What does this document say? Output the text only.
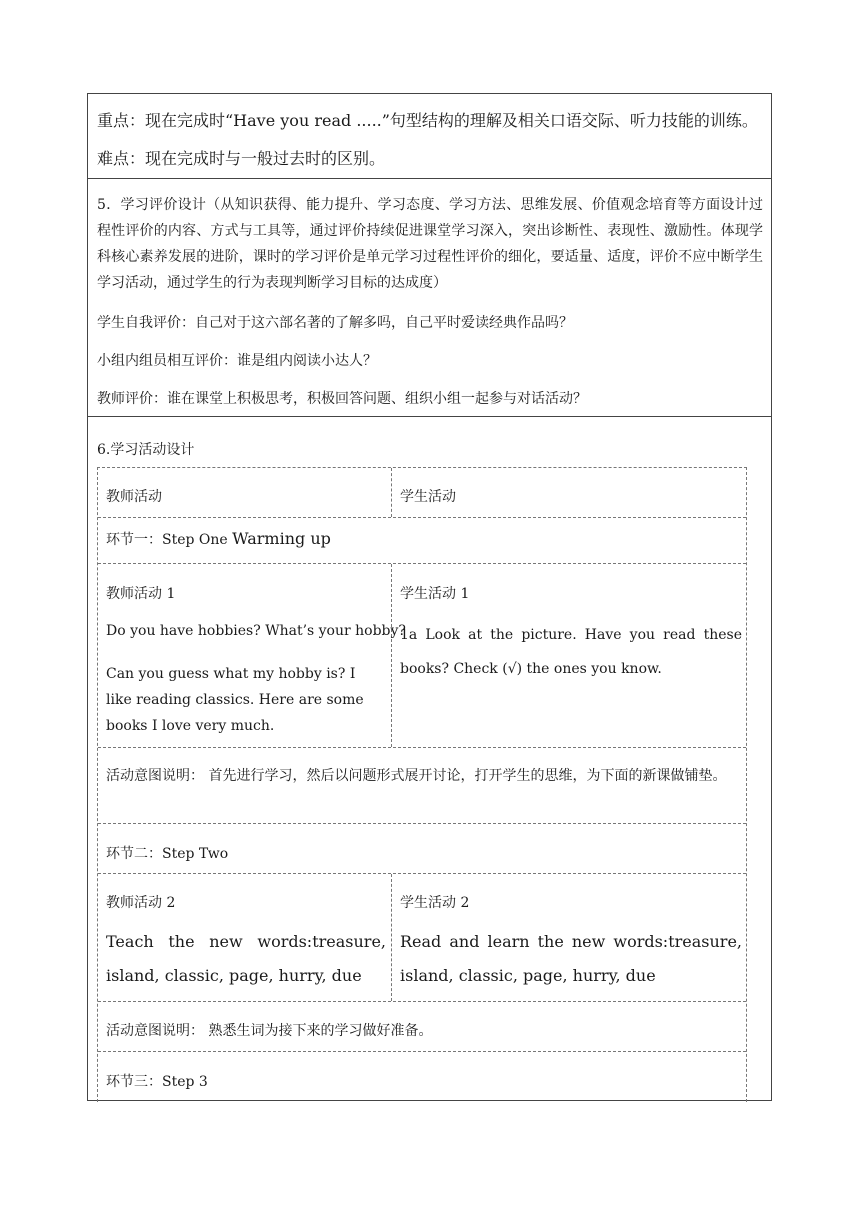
重点：现在完成时“Have you read .....”句型结构的理解及相关口语交际、听力技能的训练。
难点：现在完成时与一般过去时的区别。
5．学习评价设计（从知识获得、能力提升、学习态度、学习方法、思维发展、价值观念培育等方面设计过程性评价的内容、方式与工具等，通过评价持续促进课堂学习深入，突出诊断性、表现性、激励性。体现学科核心素养发展的进阶，课时的学习评价是单元学习过程性评价的细化，要适量、适度，评价不应中断学生学习活动，通过学生的行为表现判断学习目标的达成度）
学生自我评价：自己对于这六部名著的了解多吗，自己平时爱读经典作品吗？
小组内组员相互评价：谁是组内阅读小达人？
教师评价：谁在课堂上积极思考，积极回答问题、组织小组一起参与对话活动？
6.学习活动设计
教师活动	学生活动
环节一：Step One Warming up
教师活动 1
Do you have hobbies? What’s your hobby?
Can you guess what my hobby is? I like reading classics. Here are some books I love very much.
学生活动 1
1a Look at the picture. Have you read these books? Check (√) the ones you know.
活动意图说明： 首先进行学习，然后以问题形式展开讨论，打开学生的思维，为下面的新课做铺垫。
环节二：Step Two
教师活动 2
Teach the new words:treasure, island, classic, page, hurry, due
学生活动 2
Read and learn the new words:treasure, island, classic, page, hurry, due
活动意图说明： 熟悉生词为接下来的学习做好准备。
环节三：Step 3
